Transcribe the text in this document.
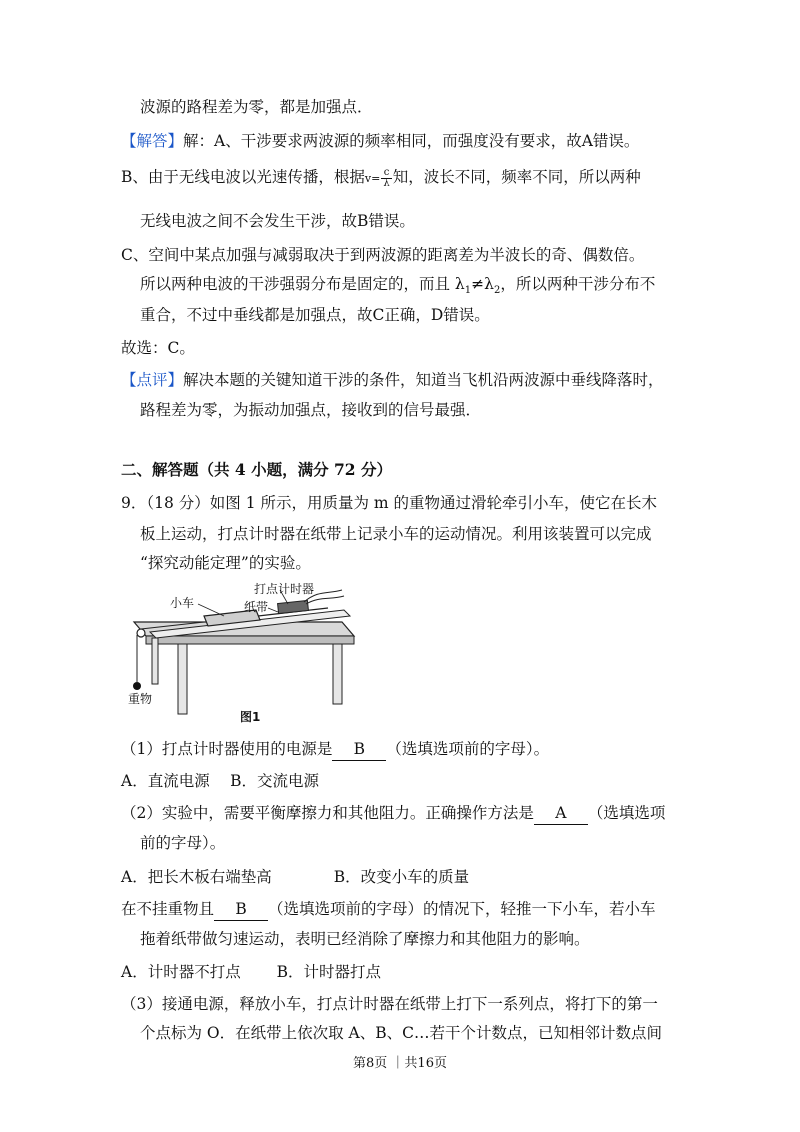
波源的路程差为零，都是加强点．
【解答】解：A、干涉要求两波源的频率相同，而强度没有要求，故A错误。
B、由于无线电波以光速传播，根据$v= \frac{c}{\lambda}$ 知，波长不同，频率不同，所以两种
无线电波之间不会发生干涉，故B错误。
C、空间中某点加强与减弱取决于到两波源的距离差为半波长的奇、偶数倍。
所以两种电波的干涉强弱分布是固定的，而且 $\lambda_1\ne\lambda_2$，所以两种干涉分布不
重合，不过中垂线都是加强点，故C正确，D错误。
故选：C。
【点评】解决本题的关键知道干涉的条件，知道当飞机沿两波源中垂线降落时，
路程差为零，为振动加强点，接收到的信号最强．
二、解答题（共 4 小题，满分 72 分）
9．（18 分）如图 1 所示，用质量为 m 的重物通过滑轮牵引小车，使它在长木
板上运动，打点计时器在纸带上记录小车的运动情况。利用该装置可以完成
“探究动能定理”的实验。
小车
打点计时器
纸带
重物
图1
（1）打点计时器使用的电源是 B （选填选项前的字母）。
A．直流电源　 B．交流电源
（2）实验中，需要平衡摩擦力和其他阻力。正确操作方法是 A （选填选项
前的字母）。
A．把长木板右端垫高　　　　B．改变小车的质量
在不挂重物且 B （选填选项前的字母）的情况下，轻推一下小车，若小车
拖着纸带做匀速运动，表明已经消除了摩擦力和其他阻力的影响。
A．计时器不打点　　 B．计时器打点
（3）接通电源，释放小车，打点计时器在纸带上打下一系列点，将打下的第一
个点标为 O．在纸带上依次取 A、B、C…若干个计数点，已知相邻计数点间
第8页 ｜共16页
